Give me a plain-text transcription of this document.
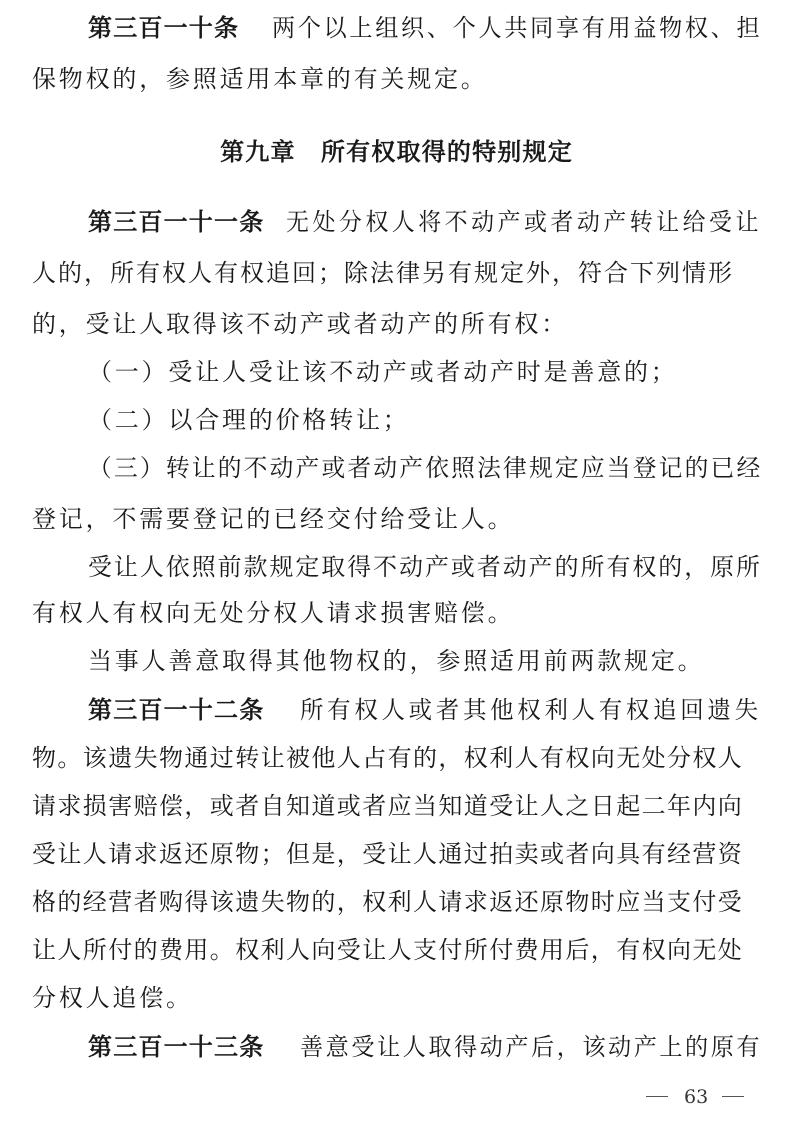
第三百一十条 两个以上组织、个人共同享有用益物权、担
保物权的，参照适用本章的有关规定。
第九章　所有权取得的特别规定
第三百一十一条 无处分权人将不动产或者动产转让给受让
人的，所有权人有权追回；除法律另有规定外，符合下列情形
的，受让人取得该不动产或者动产的所有权：
（一）受让人受让该不动产或者动产时是善意的；
（二）以合理的价格转让；
（三）转让的不动产或者动产依照法律规定应当登记的已经
登记，不需要登记的已经交付给受让人。
受让人依照前款规定取得不动产或者动产的所有权的，原所
有权人有权向无处分权人请求损害赔偿。
当事人善意取得其他物权的，参照适用前两款规定。
第三百一十二条 所有权人或者其他权利人有权追回遗失
物。该遗失物通过转让被他人占有的，权利人有权向无处分权人
请求损害赔偿，或者自知道或者应当知道受让人之日起二年内向
受让人请求返还原物；但是，受让人通过拍卖或者向具有经营资
格的经营者购得该遗失物的，权利人请求返还原物时应当支付受
让人所付的费用。权利人向受让人支付所付费用后，有权向无处
分权人追偿。
第三百一十三条 善意受让人取得动产后，该动产上的原有
63
